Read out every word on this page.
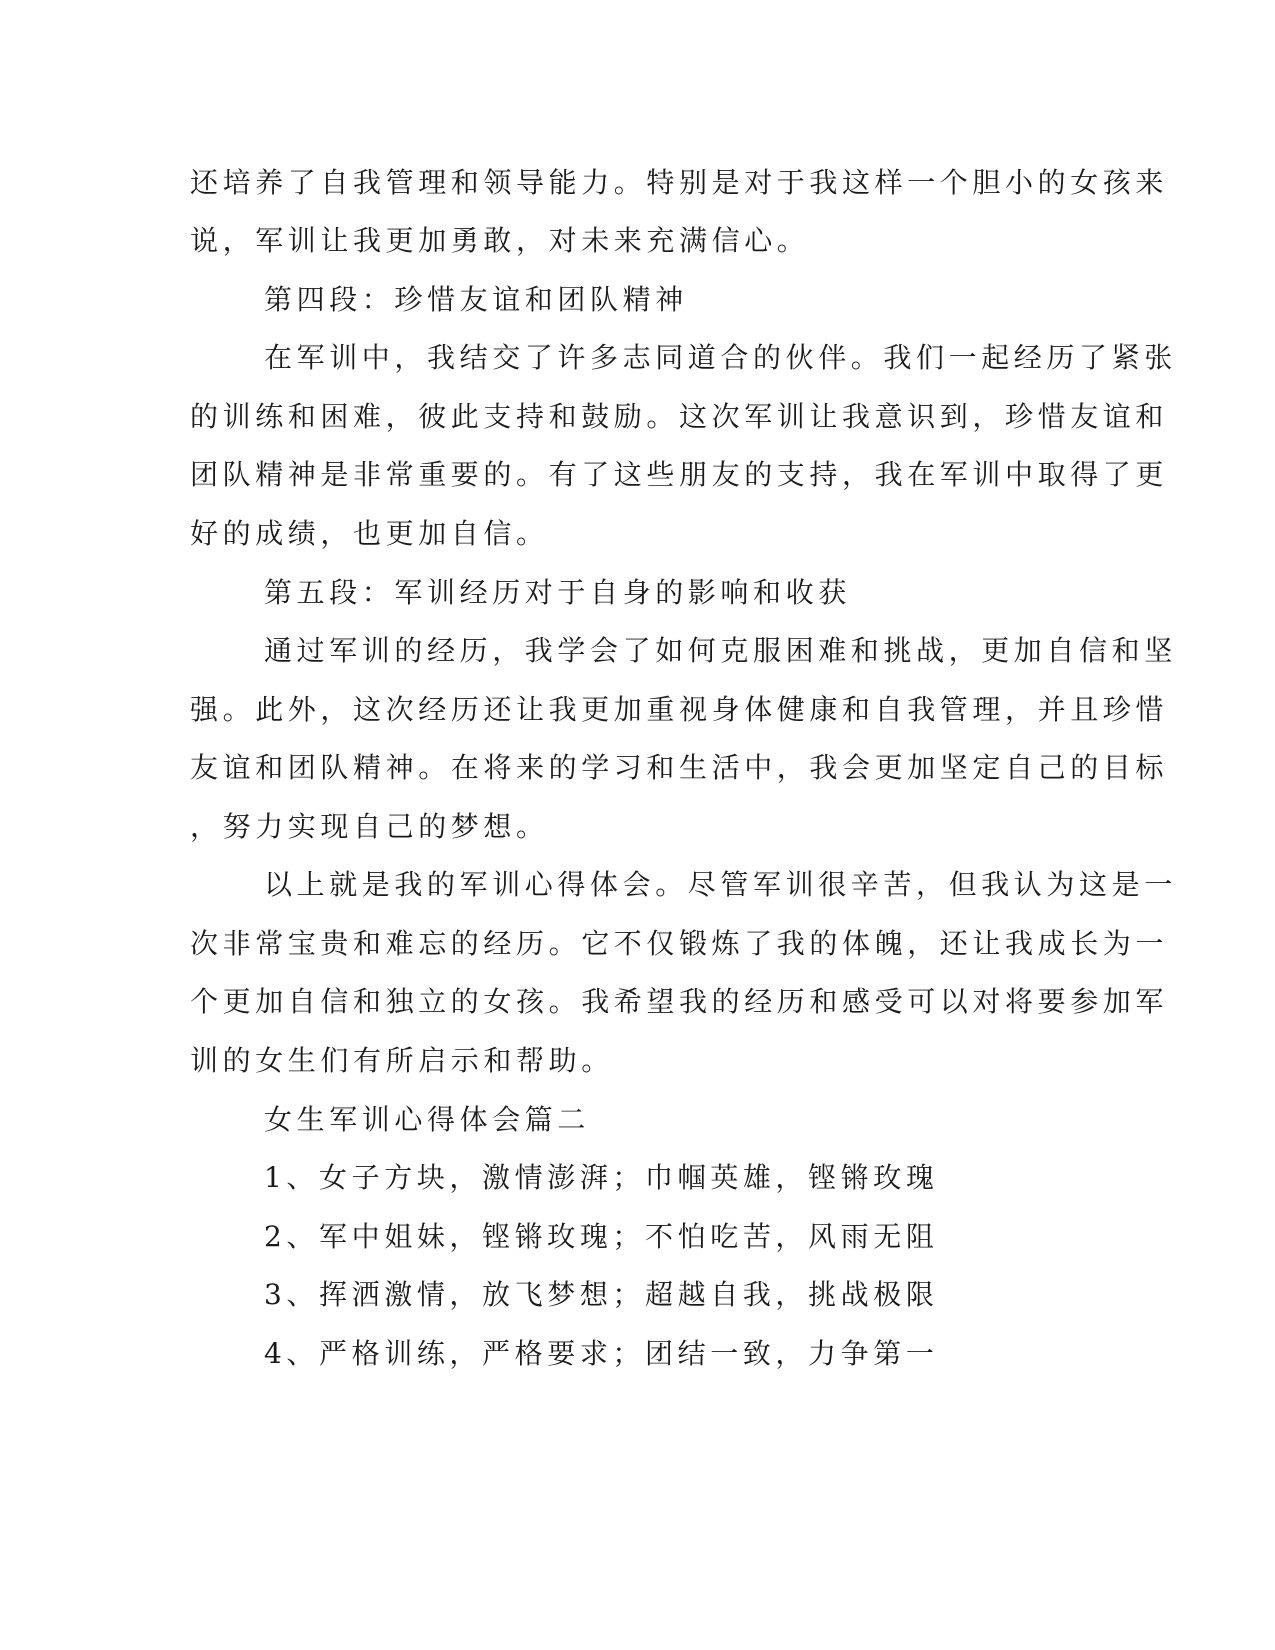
还培养了自我管理和领导能力。特别是对于我这样一个胆小的女孩来
说，军训让我更加勇敢，对未来充满信心。
第四段：珍惜友谊和团队精神
在军训中，我结交了许多志同道合的伙伴。我们一起经历了紧张
的训练和困难，彼此支持和鼓励。这次军训让我意识到，珍惜友谊和
团队精神是非常重要的。有了这些朋友的支持，我在军训中取得了更
好的成绩，也更加自信。
第五段：军训经历对于自身的影响和收获
通过军训的经历，我学会了如何克服困难和挑战，更加自信和坚
强。此外，这次经历还让我更加重视身体健康和自我管理，并且珍惜
友谊和团队精神。在将来的学习和生活中，我会更加坚定自己的目标
，努力实现自己的梦想。
以上就是我的军训心得体会。尽管军训很辛苦，但我认为这是一
次非常宝贵和难忘的经历。它不仅锻炼了我的体魄，还让我成长为一
个更加自信和独立的女孩。我希望我的经历和感受可以对将要参加军
训的女生们有所启示和帮助。
女生军训心得体会篇二
1、女子方块，激情澎湃；巾帼英雄，铿锵玫瑰
2、军中姐妹，铿锵玫瑰；不怕吃苦，风雨无阻
3、挥洒激情，放飞梦想；超越自我，挑战极限
4、严格训练，严格要求；团结一致，力争第一
